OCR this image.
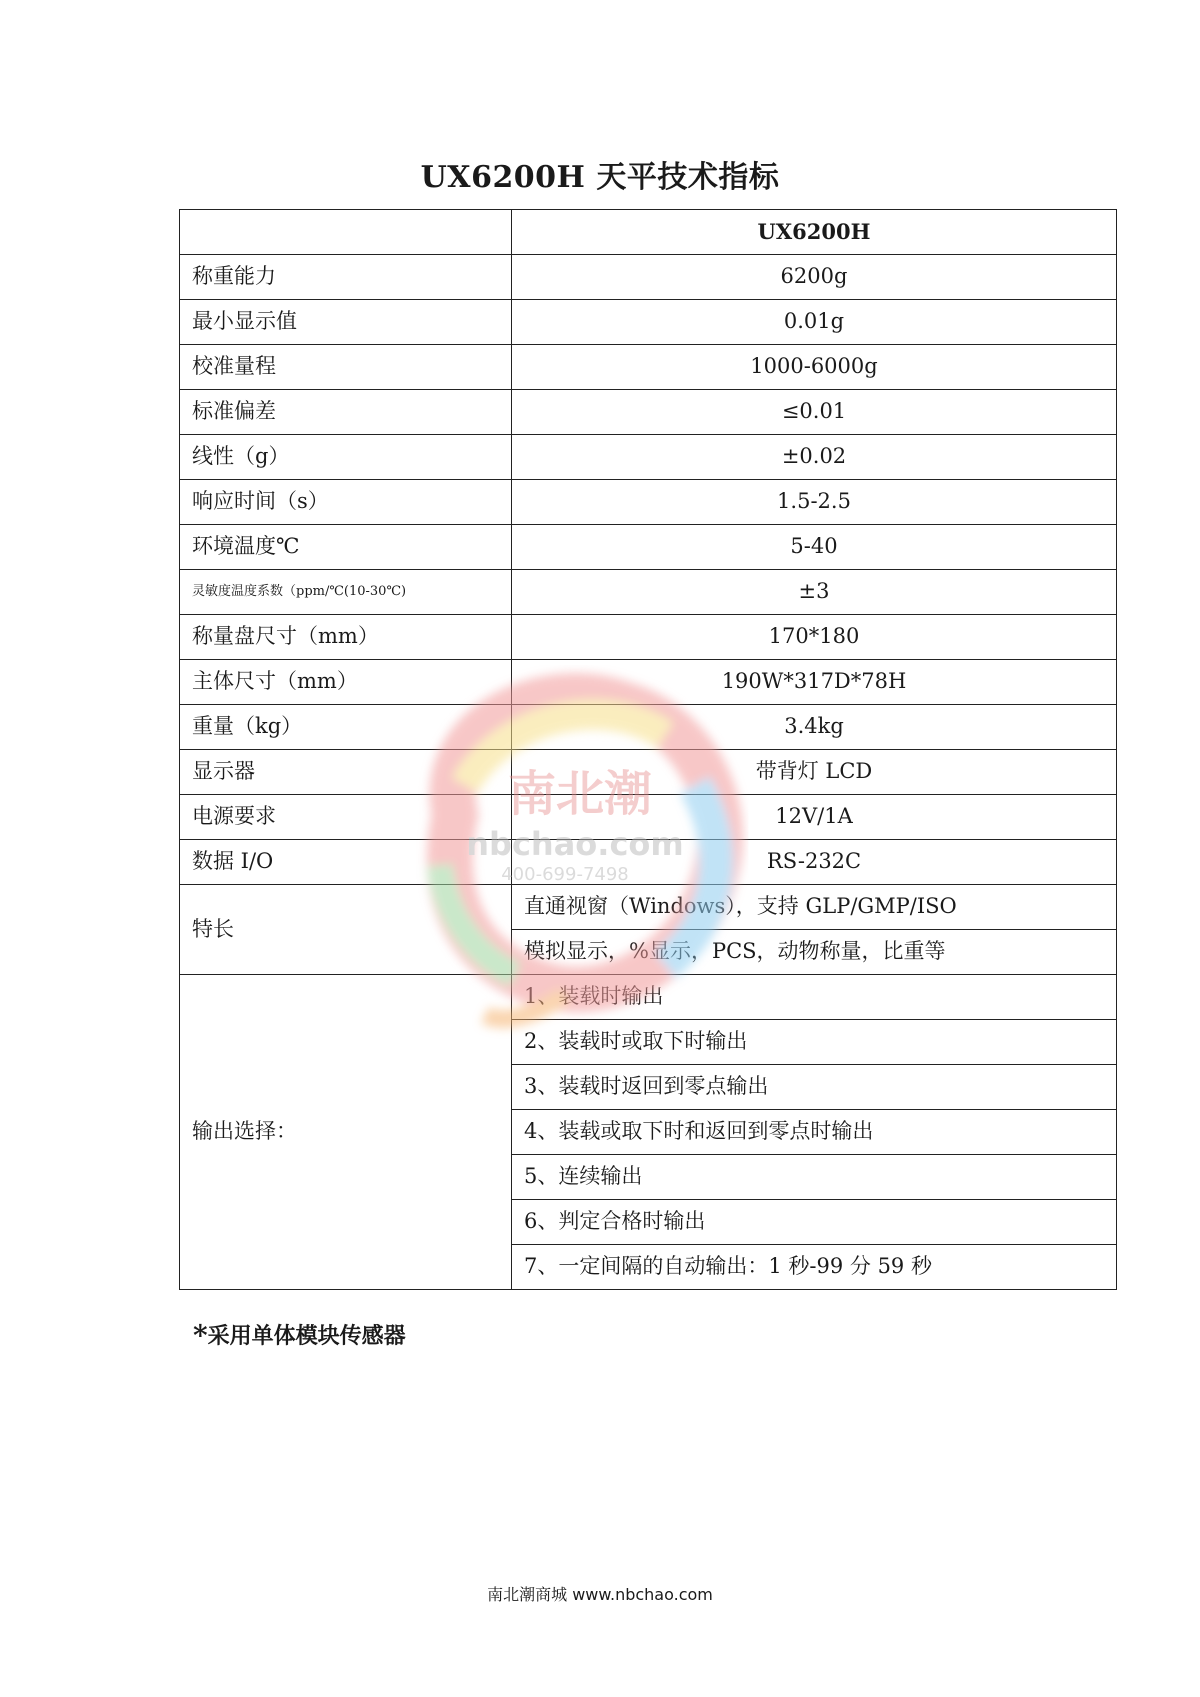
UX6200H 天平技术指标
	UX6200H
称重能力	6200g
最小显示值	0.01g
校准量程	1000-6000g
标准偏差	≤0.01
线性（g）	±0.02
响应时间（s）	1.5-2.5
环境温度℃	5-40
灵敏度温度系数（ppm/℃(10-30℃)	±3
称量盘尺寸（mm）	170*180
主体尺寸（mm）	190W*317D*78H
重量（kg）	3.4kg
显示器	带背灯 LCD
电源要求	12V/1A
数据 I/O	RS-232C
特长	直通视窗（Windows），支持 GLP/GMP/ISO
	模拟显示，%显示，PCS，动物称量，比重等
输出选择：	1、装载时输出
	2、装载时或取下时输出
	3、装载时返回到零点输出
	4、装载或取下时和返回到零点时输出
	5、连续输出
	6、判定合格时输出
	7、一定间隔的自动输出：1 秒-99 分 59 秒
南北潮
nbchao.com
400-699-7498
*采用单体模块传感器
南北潮商城 www.nbchao.com
